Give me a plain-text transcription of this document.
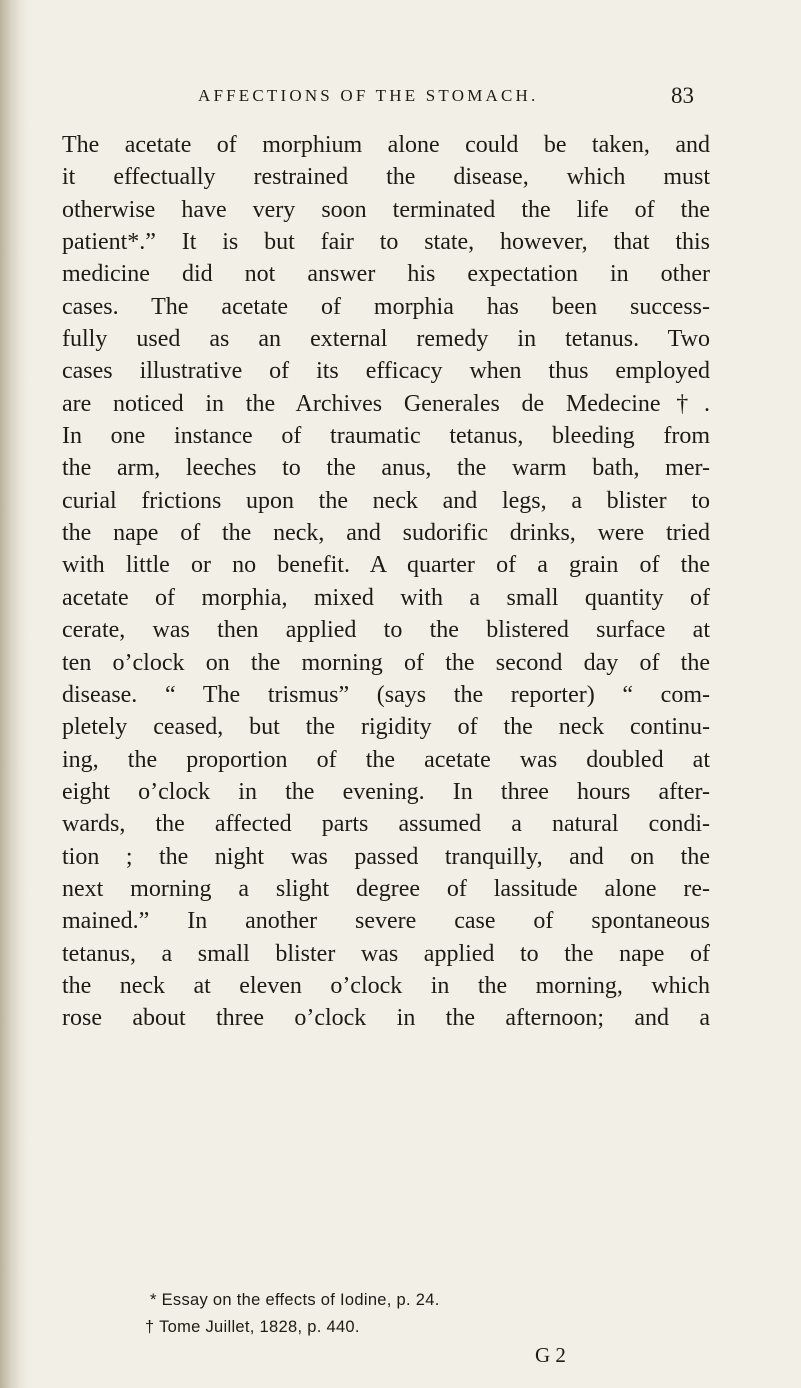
AFFECTIONS OF THE STOMACH.	83
The acetate of morphium alone could be taken, and
it effectually restrained the disease, which must
otherwise have very soon terminated the life of the
patient*.” It is but fair to state, however, that this
medicine did not answer his expectation in other
cases. The acetate of morphia has been success-
fully used as an external remedy in tetanus. Two
cases illustrative of its efficacy when thus employed
are noticed in the Archives Generales de Medecine†.
In one instance of traumatic tetanus, bleeding from
the arm, leeches to the anus, the warm bath, mer-
curial frictions upon the neck and legs, a blister to
the nape of the neck, and sudorific drinks, were tried
with little or no benefit. A quarter of a grain of the
acetate of morphia, mixed with a small quantity of
cerate, was then applied to the blistered surface at
ten o’clock on the morning of the second day of the
disease. “ The trismus” (says the reporter) “ com-
pletely ceased, but the rigidity of the neck continu-
ing, the proportion of the acetate was doubled at
eight o’clock in the evening. In three hours after-
wards, the affected parts assumed a natural condi-
tion ; the night was passed tranquilly, and on the
next morning a slight degree of lassitude alone re-
mained.” In another severe case of spontaneous
tetanus, a small blister was applied to the nape of
the neck at eleven o’clock in the morning, which
rose about three o’clock in the afternoon; and a
* Essay on the effects of Iodine, p. 24.
† Tome Juillet, 1828, p. 440.
G 2
